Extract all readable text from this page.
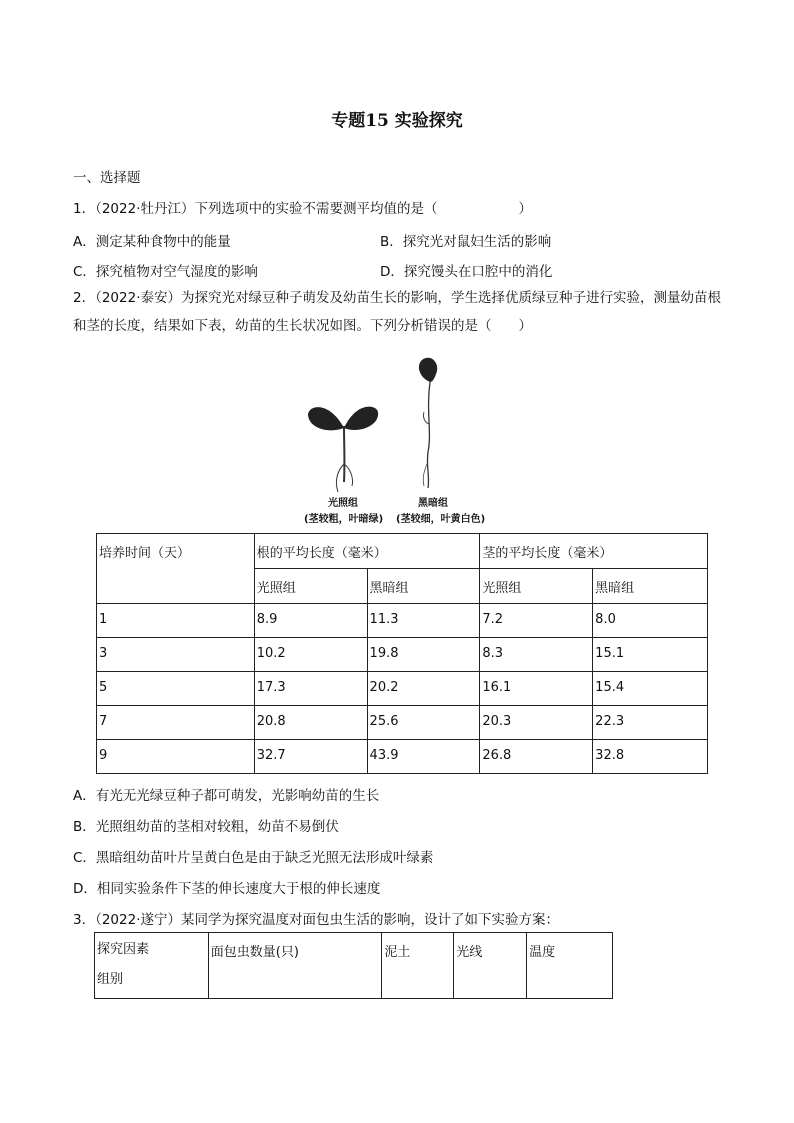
专题15 实验探究
一、选择题
1．（2022·牡丹江）下列选项中的实验不需要测平均值的是（　　　　　　）
A．测定某种食物中的能量	B．探究光对鼠妇生活的影响
C．探究植物对空气湿度的影响	D．探究馒头在口腔中的消化
2．（2022·泰安）为探究光对绿豆种子萌发及幼苗生长的影响，学生选择优质绿豆种子进行实验，测量幼苗根和茎的长度，结果如下表，幼苗的生长状况如图。下列分析错误的是（　　）
光照组	黑暗组
(茎较粗，叶暗绿) (茎较细，叶黄白色)
培养时间（天）	根的平均长度（毫米）		茎的平均长度（毫米）	
	光照组	黑暗组	光照组	黑暗组
1	8.9	11.3	7.2	8.0
3	10.2	19.8	8.3	15.1
5	17.3	20.2	16.1	15.4
7	20.8	25.6	20.3	22.3
9	32.7	43.9	26.8	32.8
A．有光无光绿豆种子都可萌发，光影响幼苗的生长
B．光照组幼苗的茎相对较粗，幼苗不易倒伏
C．黑暗组幼苗叶片呈黄白色是由于缺乏光照无法形成叶绿素
D．相同实验条件下茎的伸长速度大于根的伸长速度
3．（2022·遂宁）某同学为探究温度对面包虫生活的影响，设计了如下实验方案：
探究因素
组别
	面包虫数量(只)	泥土	光线	温度
